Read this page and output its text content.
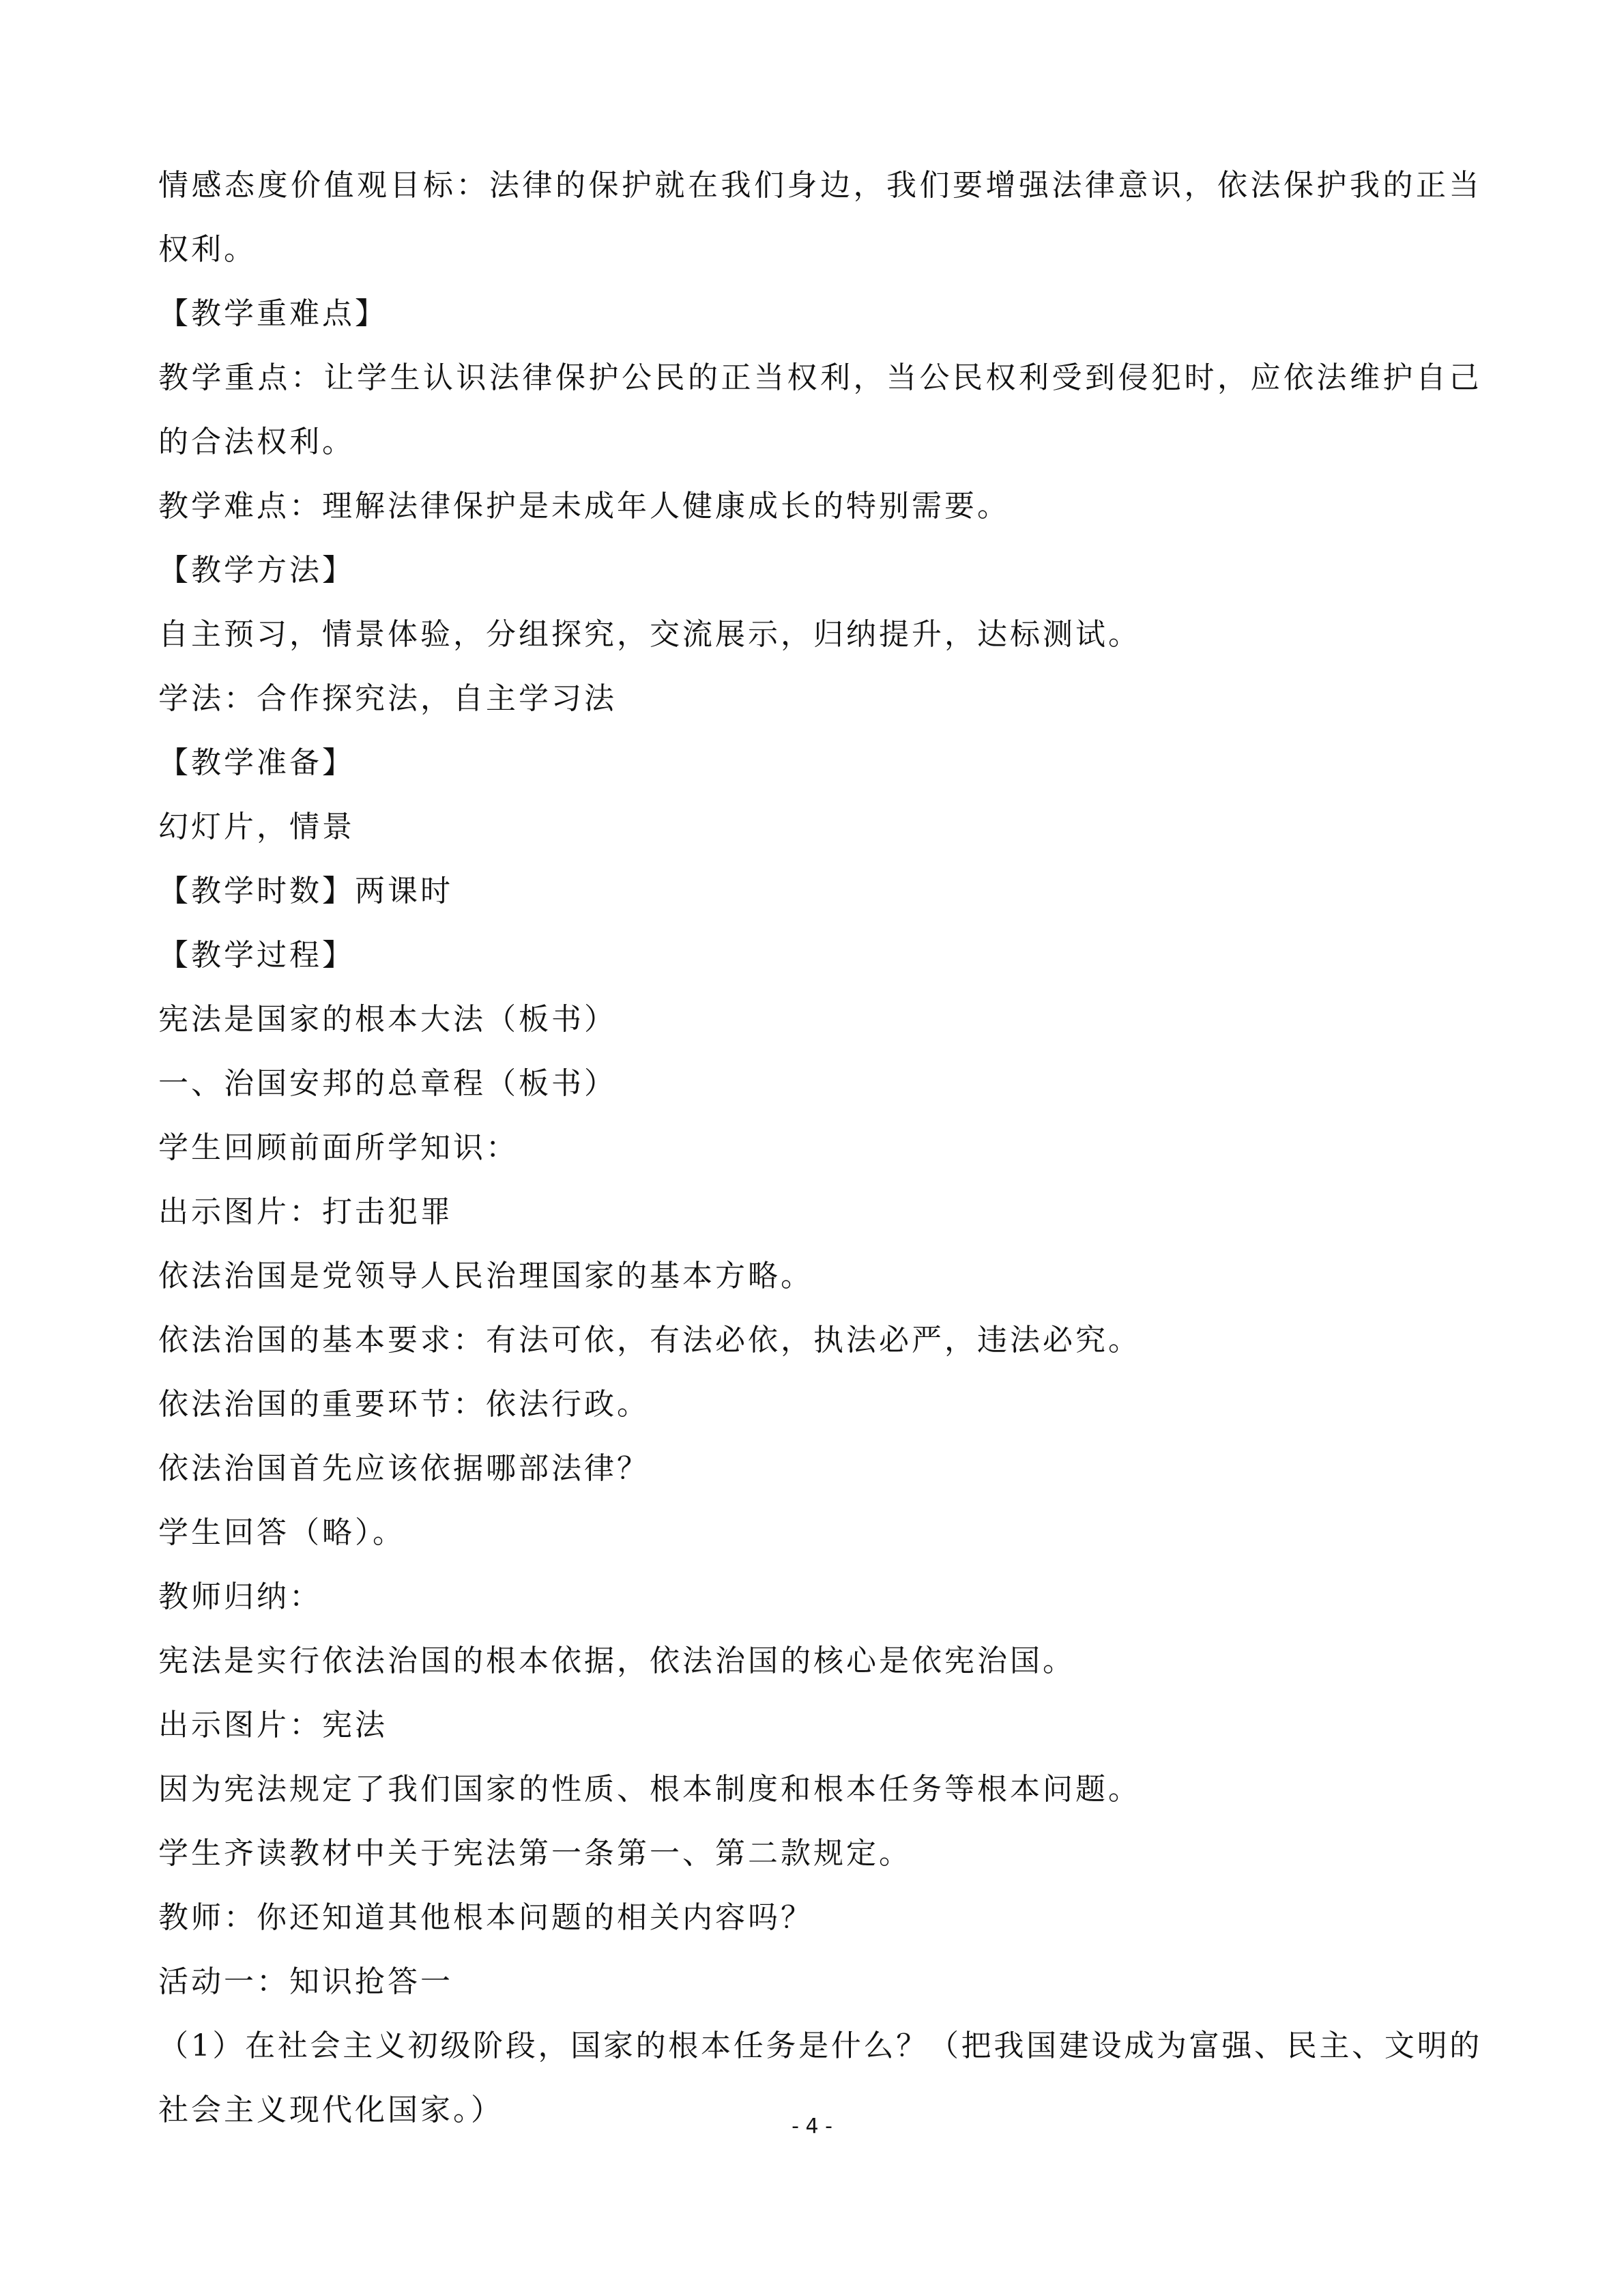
情感态度价值观目标：法律的保护就在我们身边，我们要增强法律意识，依法保护我的正当
权利。
【教学重难点】
教学重点：让学生认识法律保护公民的正当权利，当公民权利受到侵犯时，应依法维护自己
的合法权利。
教学难点：理解法律保护是未成年人健康成长的特别需要。
【教学方法】
自主预习，情景体验，分组探究，交流展示，归纳提升，达标测试。
学法：合作探究法，自主学习法
【教学准备】
幻灯片，情景
【教学时数】两课时
【教学过程】
宪法是国家的根本大法（板书）
一、治国安邦的总章程（板书）
学生回顾前面所学知识：
出示图片：打击犯罪
依法治国是党领导人民治理国家的基本方略。
依法治国的基本要求：有法可依，有法必依，执法必严，违法必究。
依法治国的重要环节：依法行政。
依法治国首先应该依据哪部法律？
学生回答（略）。
教师归纳：
宪法是实行依法治国的根本依据，依法治国的核心是依宪治国。
出示图片：宪法
因为宪法规定了我们国家的性质、根本制度和根本任务等根本问题。
学生齐读教材中关于宪法第一条第一、第二款规定。
教师：你还知道其他根本问题的相关内容吗？
活动一：知识抢答一
（1）在社会主义初级阶段，国家的根本任务是什么？（把我国建设成为富强、民主、文明的
社会主义现代化国家。）	- 4 -
